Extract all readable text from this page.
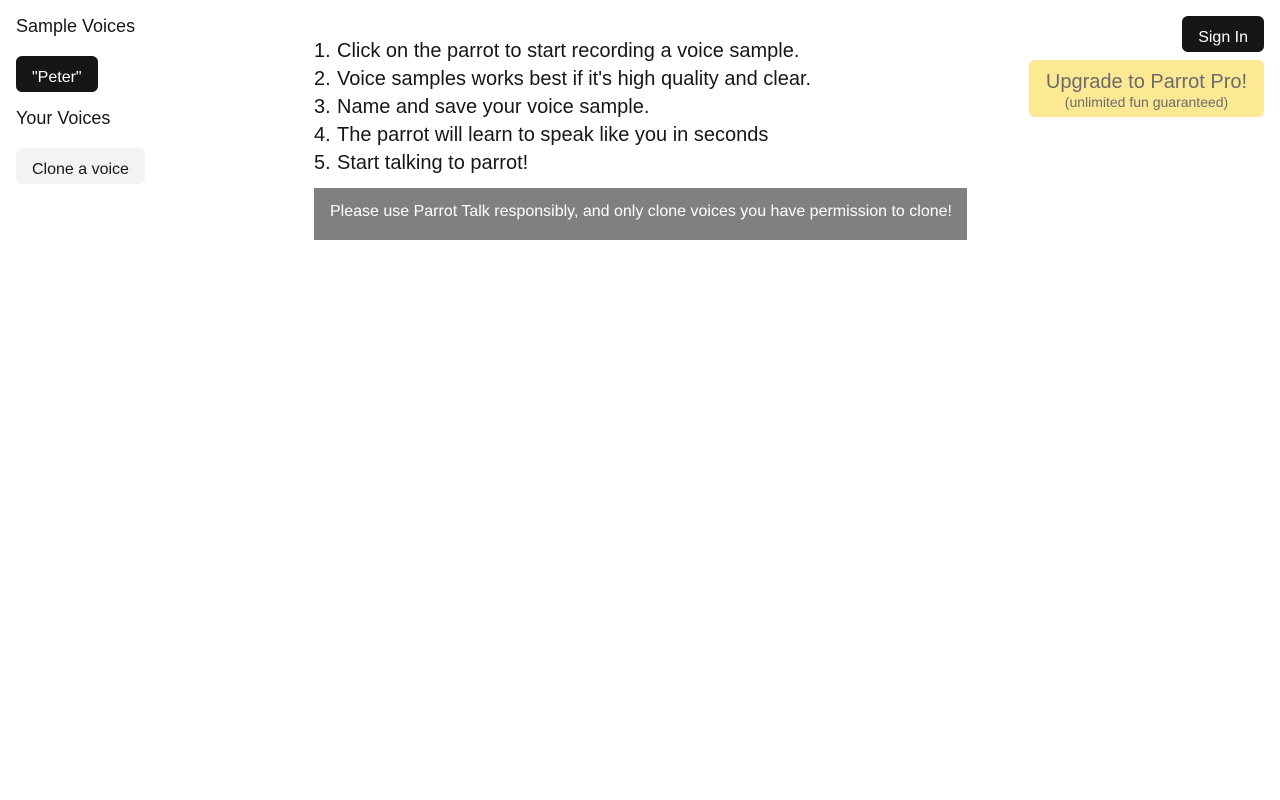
Sample Voices
"Peter"
Your Voices
Clone a voice
1. Click on the parrot to start recording a voice sample.
2. Voice samples works best if it's high quality and clear.
3. Name and save your voice sample.
4. The parrot will learn to speak like you in seconds
5. Start talking to parrot!
Please use Parrot Talk responsibly, and only clone voices you have permission to clone!
Sign In
Upgrade to Parrot Pro!
(unlimited fun guaranteed)
